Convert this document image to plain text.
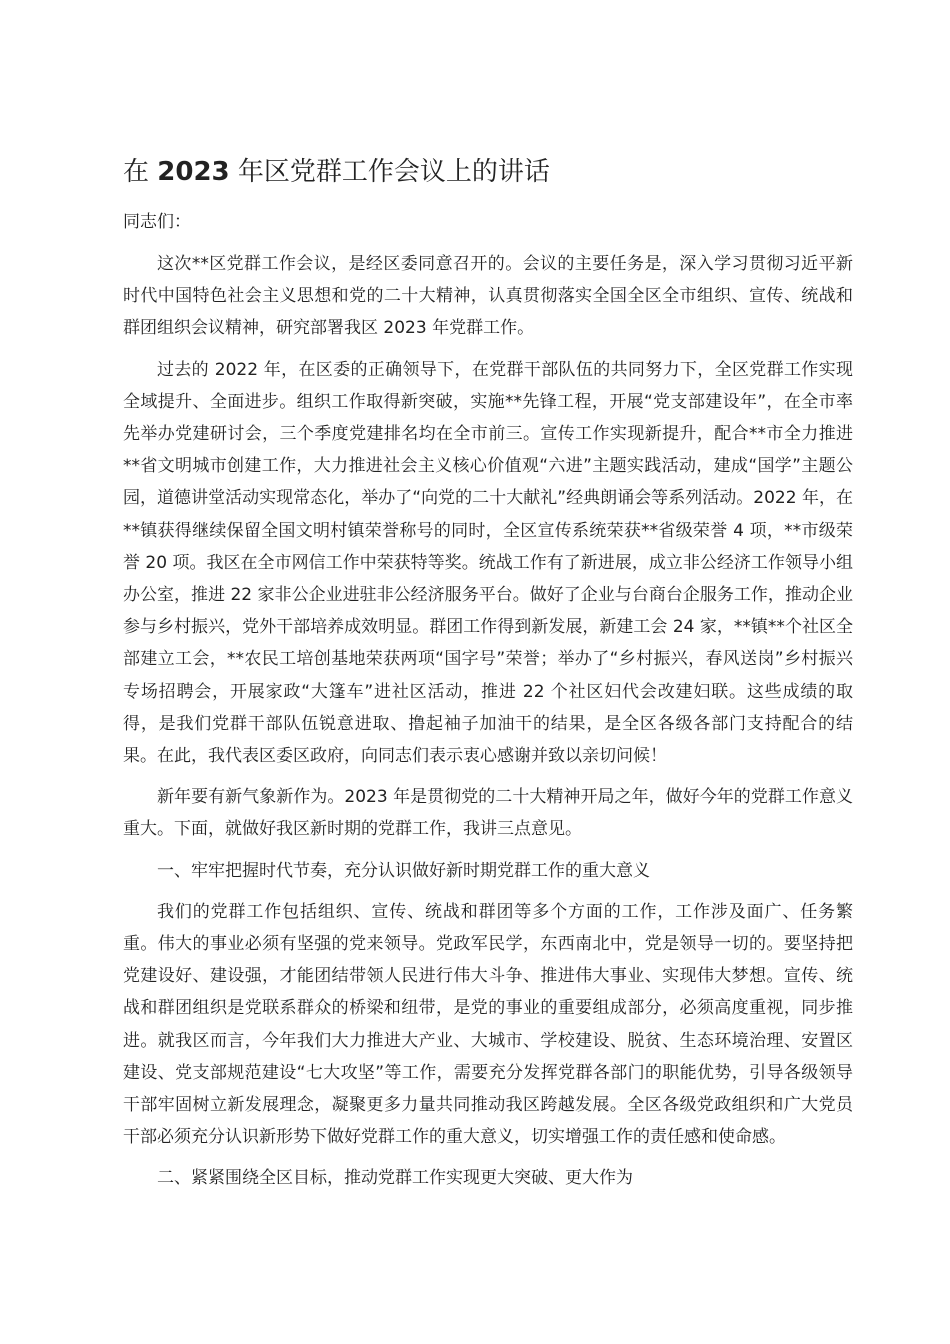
在 2023 年区党群工作会议上的讲话

同志们：

这次**区党群工作会议，是经区委同意召开的。会议的主要任务是，深入学习贯彻习近平新时代中国特色社会主义思想和党的二十大精神，认真贯彻落实全国全区全市组织、宣传、统战和群团组织会议精神，研究部署我区 2023 年党群工作。

过去的 2022 年，在区委的正确领导下，在党群干部队伍的共同努力下，全区党群工作实现全域提升、全面进步。组织工作取得新突破，实施**先锋工程，开展“党支部建设年”，在全市率先举办党建研讨会，三个季度党建排名均在全市前三。宣传工作实现新提升，配合**市全力推进**省文明城市创建工作，大力推进社会主义核心价值观“六进”主题实践活动，建成“国学”主题公园，道德讲堂活动实现常态化，举办了“向党的二十大献礼”经典朗诵会等系列活动。2022 年，在**镇获得继续保留全国文明村镇荣誉称号的同时，全区宣传系统荣获**省级荣誉 4 项，**市级荣誉 20 项。我区在全市网信工作中荣获特等奖。统战工作有了新进展，成立非公经济工作领导小组办公室，推进 22 家非公企业进驻非公经济服务平台。做好了企业与台商台企服务工作，推动企业参与乡村振兴，党外干部培养成效明显。群团工作得到新发展，新建工会 24 家，**镇**个社区全部建立工会，**农民工培创基地荣获两项“国字号”荣誉；举办了“乡村振兴，春风送岗”乡村振兴专场招聘会，开展家政“大篷车”进社区活动，推进 22 个社区妇代会改建妇联。这些成绩的取得，是我们党群干部队伍锐意进取、撸起袖子加油干的结果，是全区各级各部门支持配合的结果。在此，我代表区委区政府，向同志们表示衷心感谢并致以亲切问候！

新年要有新气象新作为。2023 年是贯彻党的二十大精神开局之年，做好今年的党群工作意义重大。下面，就做好我区新时期的党群工作，我讲三点意见。

一、牢牢把握时代节奏，充分认识做好新时期党群工作的重大意义

我们的党群工作包括组织、宣传、统战和群团等多个方面的工作，工作涉及面广、任务繁重。伟大的事业必须有坚强的党来领导。党政军民学，东西南北中，党是领导一切的。要坚持把党建设好、建设强，才能团结带领人民进行伟大斗争、推进伟大事业、实现伟大梦想。宣传、统战和群团组织是党联系群众的桥梁和纽带，是党的事业的重要组成部分，必须高度重视，同步推进。就我区而言，今年我们大力推进大产业、大城市、学校建设、脱贫、生态环境治理、安置区建设、党支部规范建设“七大攻坚”等工作，需要充分发挥党群各部门的职能优势，引导各级领导干部牢固树立新发展理念，凝聚更多力量共同推动我区跨越发展。全区各级党政组织和广大党员干部必须充分认识新形势下做好党群工作的重大意义，切实增强工作的责任感和使命感。

二、紧紧围绕全区目标，推动党群工作实现更大突破、更大作为
